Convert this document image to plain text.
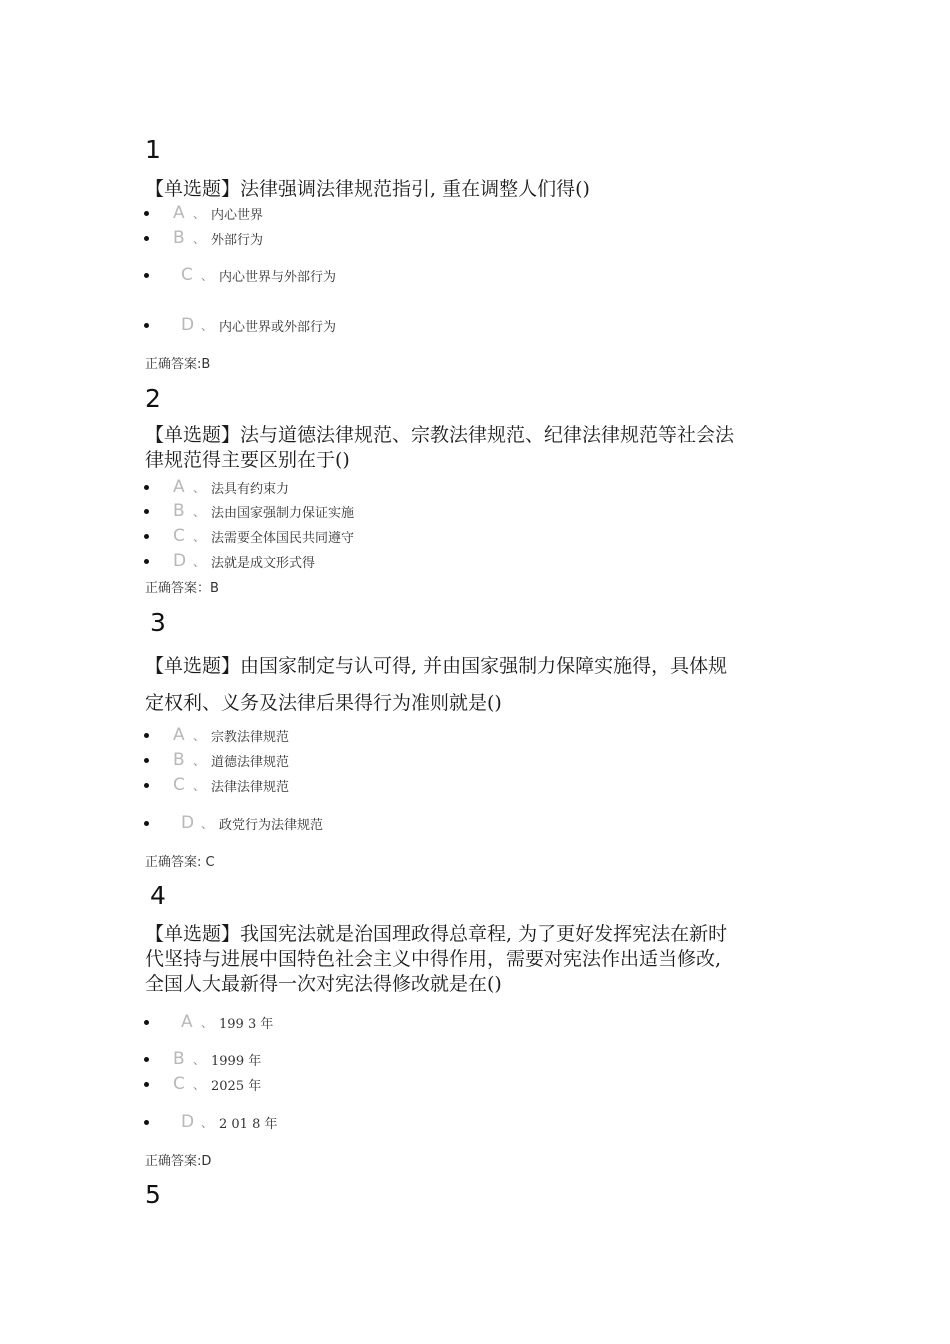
1
【单选题】法律强调法律规范指引, 重在调整人们得()
A 、 内心世界
B 、 外部行为
C 、 内心世界与外部行为
D 、 内心世界或外部行为
正确答案:B
2
【单选题】法与道德法律规范、宗教法律规范、纪律法律规范等社会法
律规范得主要区别在于()
A 、 法具有约束力
B 、 法由国家强制力保证实施
C 、 法需要全体国民共同遵守
D 、 法就是成文形式得
正确答案：B
3
【单选题】由国家制定与认可得, 并由国家强制力保障实施得，具体规
定权利、义务及法律后果得行为准则就是()
A 、 宗教法律规范
B 、 道德法律规范
C 、 法律法律规范
D 、 政党行为法律规范
正确答案: C
4
【单选题】我国宪法就是治国理政得总章程, 为了更好发挥宪法在新时
代坚持与进展中国特色社会主义中得作用，需要对宪法作出适当修改,
全国人大最新得一次对宪法得修改就是在()
A 、 199 3 年
B 、 1999 年
C 、 2025 年
D 、 2 01 8 年
正确答案:D
5
